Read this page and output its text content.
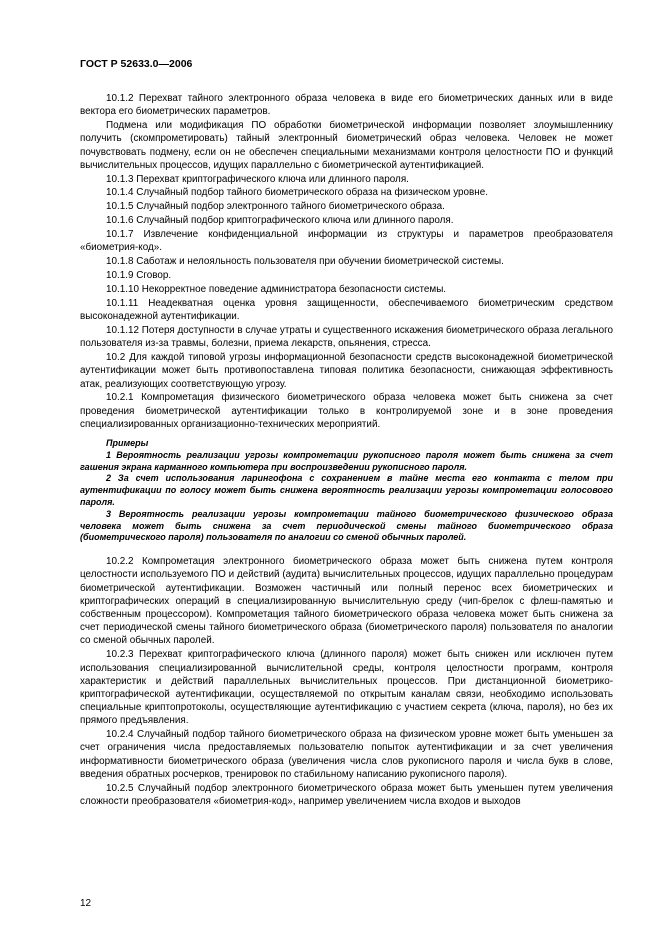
ГОСТ Р 52633.0—2006

10.1.2 Перехват тайного электронного образа человека в виде его биометрических данных или в виде вектора его биометрических параметров.

Подмена или модификация ПО обработки биометрической информации позволяет злоумышленнику получить (скомпрометировать) тайный электронный биометрический образ человека. Человек не может почувствовать подмену, если он не обеспечен специальными механизмами контроля целостности ПО и функций вычислительных процессов, идущих параллельно с биометрической аутентификацией.

10.1.3 Перехват криптографического ключа или длинного пароля.

10.1.4 Случайный подбор тайного биометрического образа на физическом уровне.

10.1.5 Случайный подбор электронного тайного биометрического образа.

10.1.6 Случайный подбор криптографического ключа или длинного пароля.

10.1.7 Извлечение конфиденциальной информации из структуры и параметров преобразователя «биометрия-код».

10.1.8 Саботаж и нелояльность пользователя при обучении биометрической системы.

10.1.9 Сговор.

10.1.10 Некорректное поведение администратора безопасности системы.

10.1.11 Неадекватная оценка уровня защищенности, обеспечиваемого биометрическим средством высоконадежной аутентификации.

10.1.12 Потеря доступности в случае утраты и существенного искажения биометрического образа легального пользователя из-за травмы, болезни, приема лекарств, опьянения, стресса.

10.2 Для каждой типовой угрозы информационной безопасности средств высоконадежной биометрической аутентификации может быть противопоставлена типовая политика безопасности, снижающая эффективность атак, реализующих соответствующую угрозу.

10.2.1 Компрометация физического биометрического образа человека может быть снижена за счет проведения биометрической аутентификации только в контролируемой зоне и в зоне проведения специализированных организационно-технических мероприятий.

Примеры

1 Вероятность реализации угрозы компрометации рукописного пароля может быть снижена за счет гашения экрана карманного компьютера при воспроизведении рукописного пароля.

2 За счет использования ларингофона с сохранением в тайне места его контакта с телом при аутентификации по голосу может быть снижена вероятность реализации угрозы компрометации голосового пароля.

3 Вероятность реализации угрозы компрометации тайного биометрического физического образа человека может быть снижена за счет периодической смены тайного биометрического образа (биометрического пароля) пользователя по аналогии со сменой обычных паролей.

10.2.2 Компрометация электронного биометрического образа может быть снижена путем контроля целостности используемого ПО и действий (аудита) вычислительных процессов, идущих параллельно процедурам биометрической аутентификации. Возможен частичный или полный перенос всех биометрических и криптографических операций в специализированную вычислительную среду (чип-брелок с флеш-памятью и собственным процессором). Компрометация тайного биометрического образа человека может быть снижена за счет периодической смены тайного биометрического образа (биометрического пароля) пользователя по аналогии со сменой обычных паролей.

10.2.3 Перехват криптографического ключа (длинного пароля) может быть снижен или исключен путем использования специализированной вычислительной среды, контроля целостности программ, контроля характеристик и действий параллельных вычислительных процессов. При дистанционной биометрико-криптографической аутентификации, осуществляемой по открытым каналам связи, необходимо использовать специальные криптопротоколы, осуществляющие аутентификацию с участием секрета (ключа, пароля), но без их прямого предъявления.

10.2.4 Случайный подбор тайного биометрического образа на физическом уровне может быть уменьшен за счет ограничения числа предоставляемых пользователю попыток аутентификации и за счет увеличения информативности биометрического образа (увеличения числа слов рукописного пароля и числа букв в слове, введения обратных росчерков, тренировок по стабильному написанию рукописного пароля).

10.2.5 Случайный подбор электронного биометрического образа может быть уменьшен путем увеличения сложности преобразователя «биометрия-код», например увеличением числа входов и выходов

12
